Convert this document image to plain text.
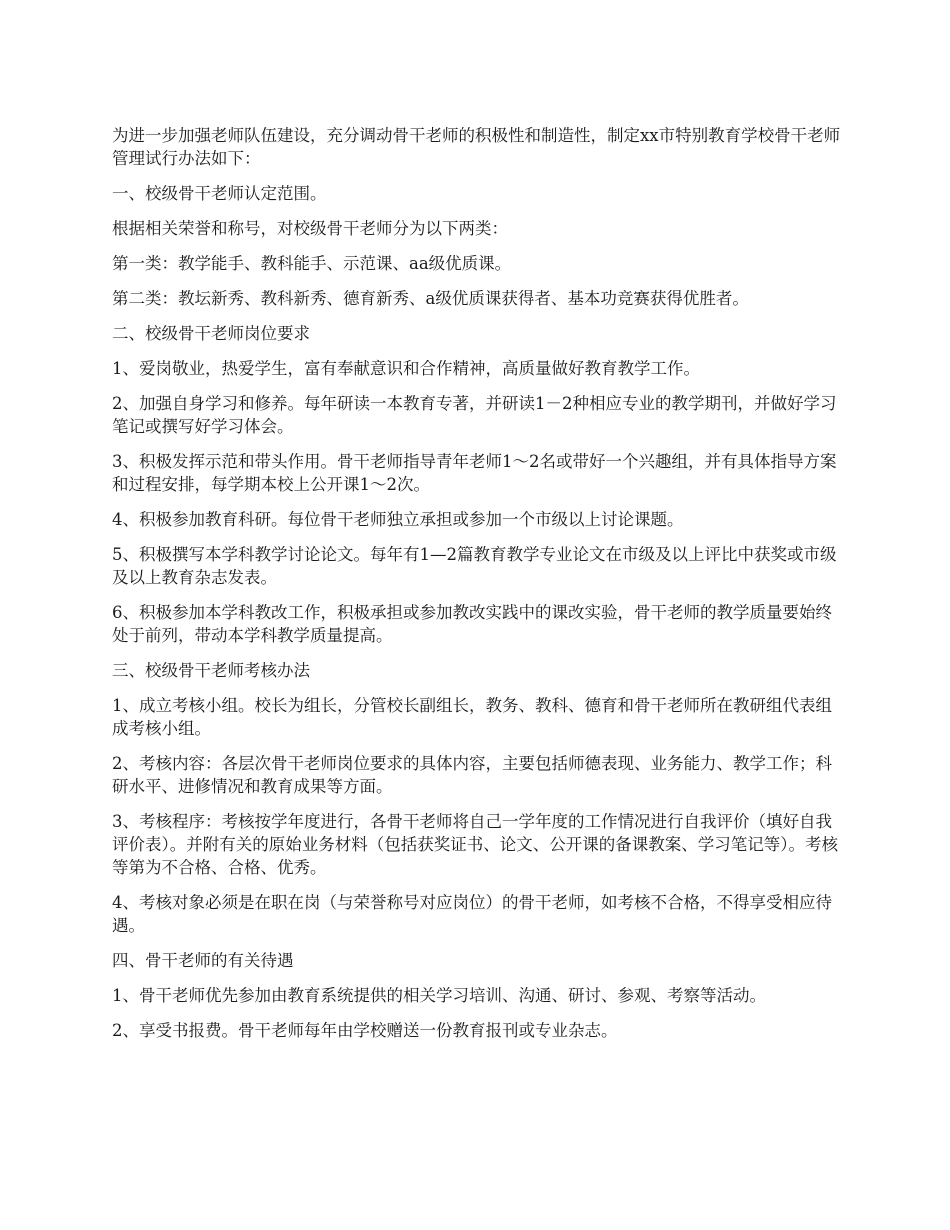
为进一步加强老师队伍建设，充分调动骨干老师的积极性和制造性，制定xx市特别教育学校骨干老师管理试行办法如下：

一、校级骨干老师认定范围。

根据相关荣誉和称号，对校级骨干老师分为以下两类：

第一类：教学能手、教科能手、示范课、aa级优质课。

第二类：教坛新秀、教科新秀、德育新秀、a级优质课获得者、基本功竞赛获得优胜者。

二、校级骨干老师岗位要求

1、爱岗敬业，热爱学生，富有奉献意识和合作精神，高质量做好教育教学工作。

2、加强自身学习和修养。每年研读一本教育专著，并研读1－2种相应专业的教学期刊，并做好学习笔记或撰写好学习体会。

3、积极发挥示范和带头作用。骨干老师指导青年老师1～2名或带好一个兴趣组，并有具体指导方案和过程安排，每学期本校上公开课1～2次。

4、积极参加教育科研。每位骨干老师独立承担或参加一个市级以上讨论课题。

5、积极撰写本学科教学讨论论文。每年有1—2篇教育教学专业论文在市级及以上评比中获奖或市级及以上教育杂志发表。

6、积极参加本学科教改工作，积极承担或参加教改实践中的课改实验，骨干老师的教学质量要始终处于前列，带动本学科教学质量提高。

三、校级骨干老师考核办法

1、成立考核小组。校长为组长，分管校长副组长，教务、教科、德育和骨干老师所在教研组代表组成考核小组。

2、考核内容：各层次骨干老师岗位要求的具体内容，主要包括师德表现、业务能力、教学工作；科研水平、进修情况和教育成果等方面。

3、考核程序：考核按学年度进行，各骨干老师将自己一学年度的工作情况进行自我评价（填好自我评价表）。并附有关的原始业务材料（包括获奖证书、论文、公开课的备课教案、学习笔记等）。考核等第为不合格、合格、优秀。

4、考核对象必须是在职在岗（与荣誉称号对应岗位）的骨干老师，如考核不合格，不得享受相应待遇。

四、骨干老师的有关待遇

1、骨干老师优先参加由教育系统提供的相关学习培训、沟通、研讨、参观、考察等活动。

2、享受书报费。骨干老师每年由学校赠送一份教育报刊或专业杂志。
